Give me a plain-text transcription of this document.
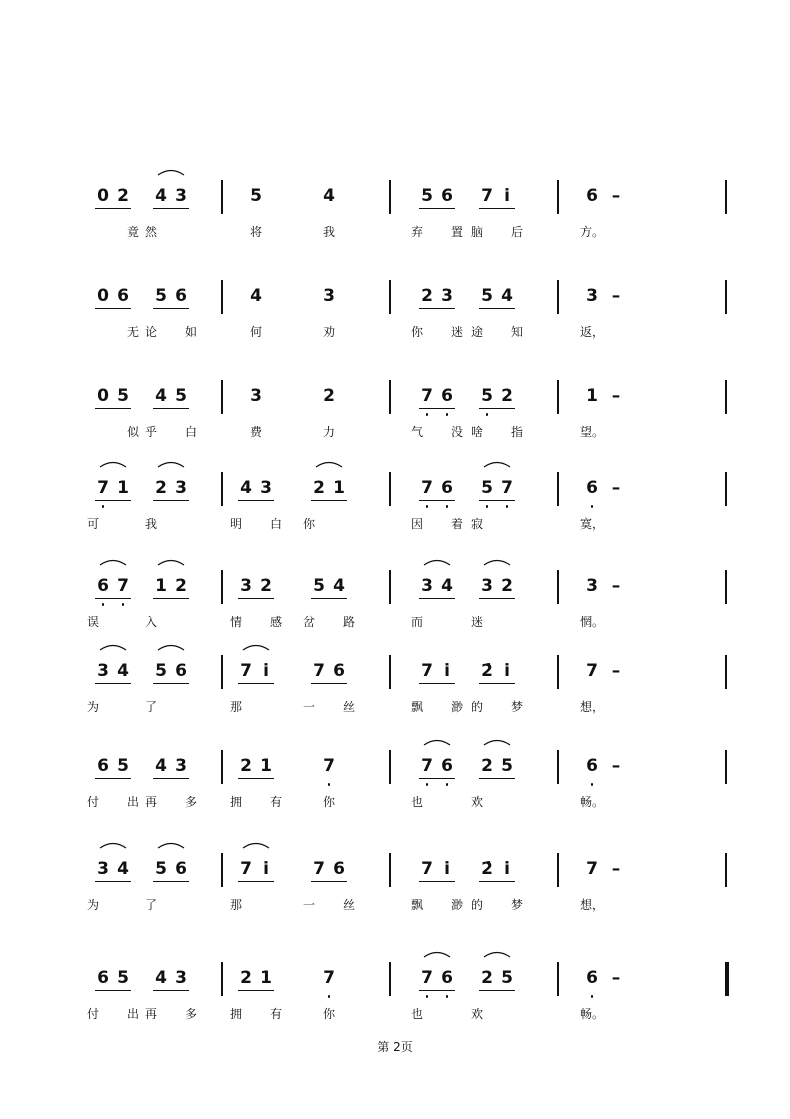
0 2	4 3	5	4	5 6	7 i̇	6 –
竟 然	将	我	弃	置 脑	后	方。
0 6	5 6	4	3	2 3	5 4	3 –
无 论	如	何	劝	你	迷 途	知	返，
0 5	4 5	3	2	7 6	5 2	1 –
似 乎	白	费	力	气	没 啥	指	望。
7 1	2 3	4 3	2 1	7 6	5 7	6 –
可	我	明	白	你	因	着 寂	寞，
6 7	1 2	3 2	5 4	3 4	3 2	3 –
误	入	情	感	岔	路	而	迷	惘。
3 4	5 6	7 i̇	7 6	7 i̇	2̇ i̇	7 –
为	了	那	一	丝	飘	渺 的	梦	想，
6 5	4 3	2 1	7	7 6	2 5	6 –
付	出 再	多	拥	有	你	也	欢	畅。
3 4	5 6	7 i̇	7 6	7 i̇	2̇ i̇	7 –
为	了	那	一	丝	飘	渺 的	梦	想，
6 5	4 3	2 1	7	7 6	2 5	6 –
付	出 再	多	拥	有	你	也	欢	畅。
第 2页
